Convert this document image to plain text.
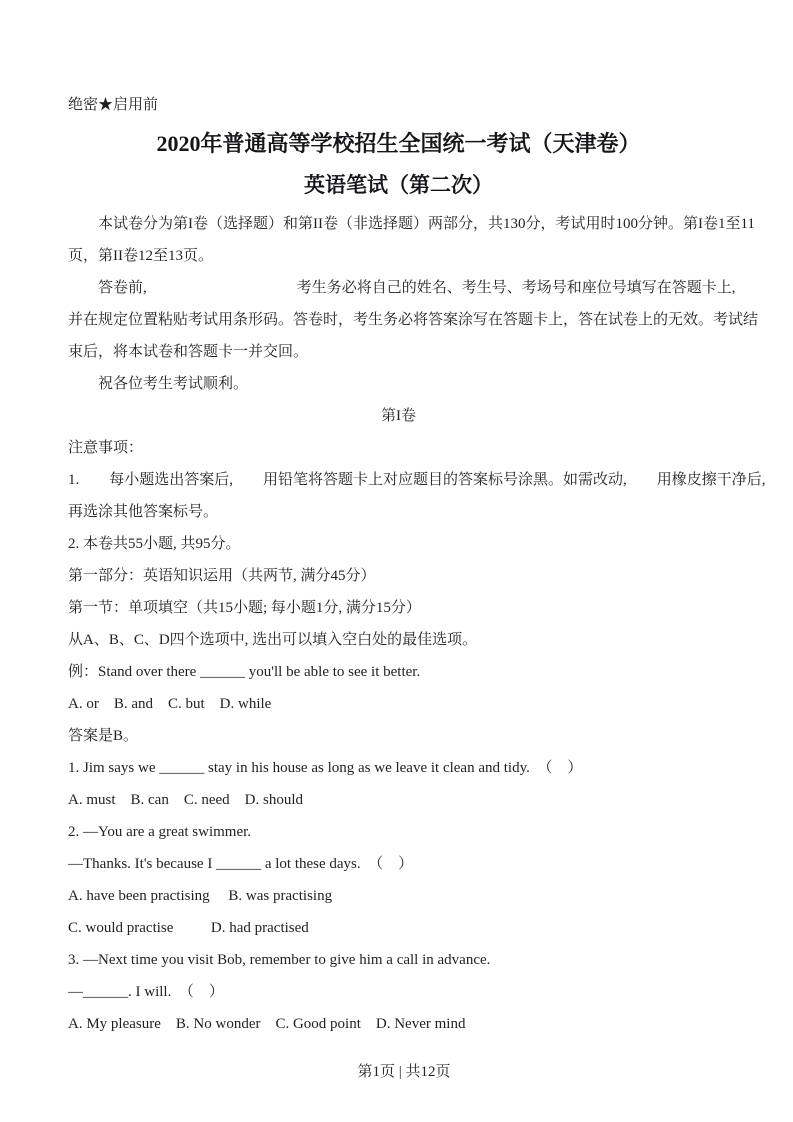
绝密★启用前
2020年普通高等学校招生全国统一考试（天津卷）
英语笔试（第二次）
　　本试卷分为第I卷（选择题）和第II卷（非选择题）两部分，共130分，考试用时100分钟。第I卷1至11
页，第II卷12至13页。
　　答卷前,　　　　　　　　　　考生务必将自己的姓名、考生号、考场号和座位号填写在答题卡上,
并在规定位置粘贴考试用条形码。答卷时，考生务必将答案涂写在答题卡上，答在试卷上的无效。考试结
束后，将本试卷和答题卡一并交回。
　　祝各位考生考试顺利。
第I卷
注意事项：
1.　　每小题选出答案后,　　用铅笔将答题卡上对应题目的答案标号涂黑。如需改动,　　用橡皮擦干净后,
再选涂其他答案标号。
2. 本卷共55小题, 共95分。
第一部分：英语知识运用（共两节, 满分45分）
第一节：单项填空（共15小题; 每小题1分, 满分15分）
从A、B、C、D四个选项中, 选出可以填入空白处的最佳选项。
例：Stand over there ______ you'll be able to see it better.
A. or    B. and    C. but    D. while
答案是B。
1. Jim says we ______ stay in his house as long as we leave it clean and tidy.  （　）
A. must    B. can    C. need    D. should
2. —You are a great swimmer.
—Thanks. It's because I ______ a lot these days.  （　）
A. have been practising     B. was practising
C. would practise          D. had practised
3. —Next time you visit Bob, remember to give him a call in advance.
—______. I will.  （　）
A. My pleasure    B. No wonder    C. Good point    D. Never mind

第1页 | 共12页
